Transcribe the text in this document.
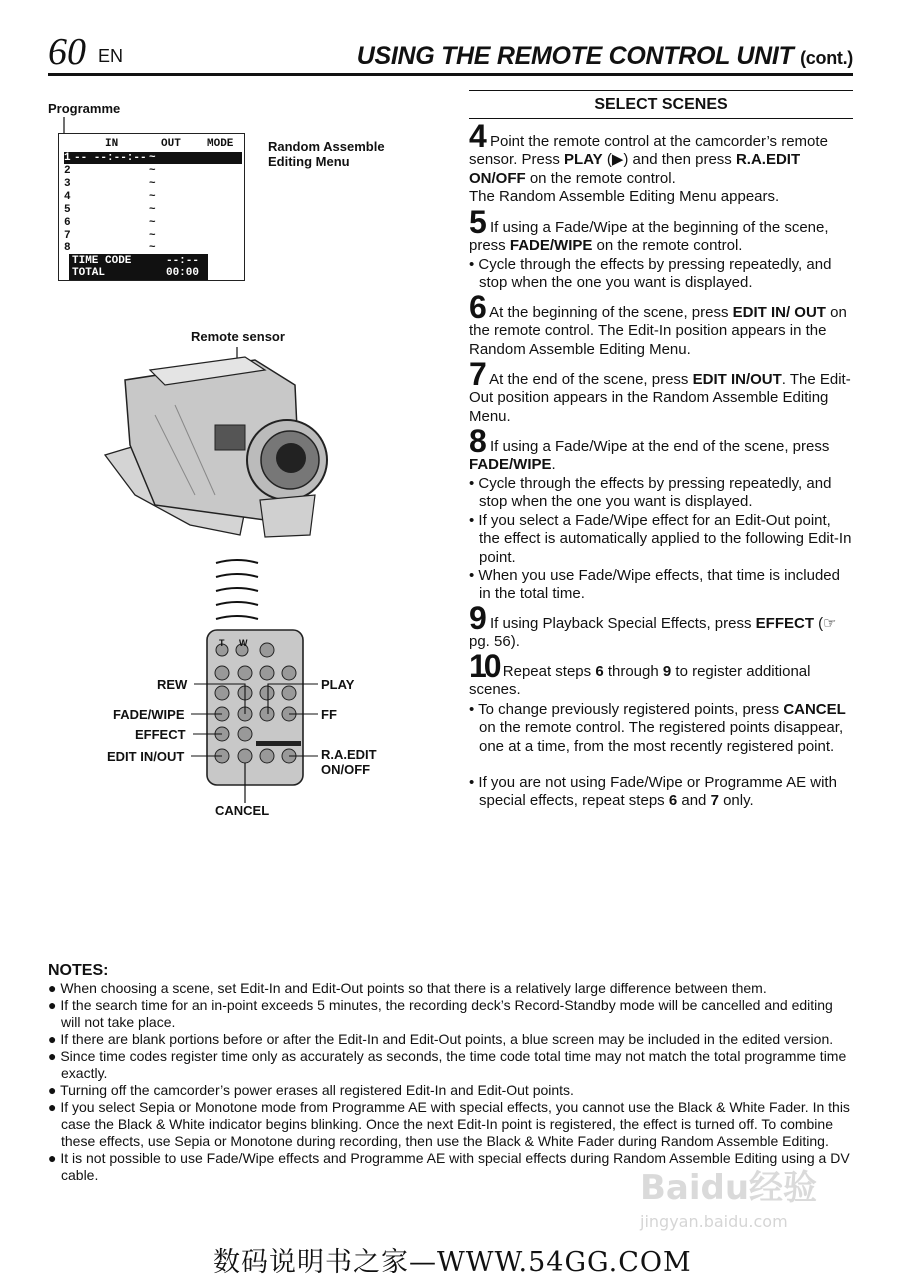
60 EN	USING THE REMOTE CONTROL UNIT (cont.)
Programme
Random Assemble Editing Menu
IN	OUT MODE
1 -- --:--:-- ~
2	~
3	~
4	~
5	~
6	~
7	~
8	~
TIME CODE	--:--
TOTAL	00:00
Remote sensor
T W
REW	PLAY
FADE/WIPE	FF
EFFECT
EDIT IN/OUT	R.A.EDIT
ON/OFF
CANCEL
SELECT SCENES
4 Point the remote control at the camcorder’s remote sensor. Press PLAY (▶) and then press R.A.EDIT ON/OFF on the remote control.
The Random Assemble Editing Menu appears.
5 If using a Fade/Wipe at the beginning of the scene, press FADE/WIPE on the remote control.
• Cycle through the effects by pressing repeatedly, and stop when the one you want is displayed.
6 At the beginning of the scene, press EDIT IN/ OUT on the remote control. The Edit-In position appears in the Random Assemble Editing Menu.
7 At the end of the scene, press EDIT IN/OUT. The Edit-Out position appears in the Random Assemble Editing Menu.
8 If using a Fade/Wipe at the end of the scene, press FADE/WIPE.
• Cycle through the effects by pressing repeatedly, and stop when the one you want is displayed.
• If you select a Fade/Wipe effect for an Edit-Out point, the effect is automatically applied to the following Edit-In point.
• When you use Fade/Wipe effects, that time is included in the total time.
9 If using Playback Special Effects, press EFFECT (☞ pg. 56).
10 Repeat steps 6 through 9 to register additional scenes.
• To change previously registered points, press CANCEL on the remote control. The registered points disappear, one at a time, from the most recently registered point.
• If you are not using Fade/Wipe or Programme AE with special effects, repeat steps 6 and 7 only.
NOTES:
● When choosing a scene, set Edit-In and Edit-Out points so that there is a relatively large difference between them.
● If the search time for an in-point exceeds 5 minutes, the recording deck’s Record-Standby mode will be cancelled and editing will not take place.
● If there are blank portions before or after the Edit-In and Edit-Out points, a blue screen may be included in the edited version.
● Since time codes register time only as accurately as seconds, the time code total time may not match the total programme time exactly.
● Turning off the camcorder’s power erases all registered Edit-In and Edit-Out points.
● If you select Sepia or Monotone mode from Programme AE with special effects, you cannot use the Black & White Fader. In this case the Black & White indicator begins blinking. Once the next Edit-In point is registered, the effect is turned off. To combine these effects, use Sepia or Monotone during recording, then use the Black & White Fader during Random Assemble Editing.
● It is not possible to use Fade/Wipe effects and Programme AE with special effects during Random Assemble Editing using a DV cable.	Baidu经验
jingyan.baidu.com
数码说明书之家—WWW.54GG.COM
